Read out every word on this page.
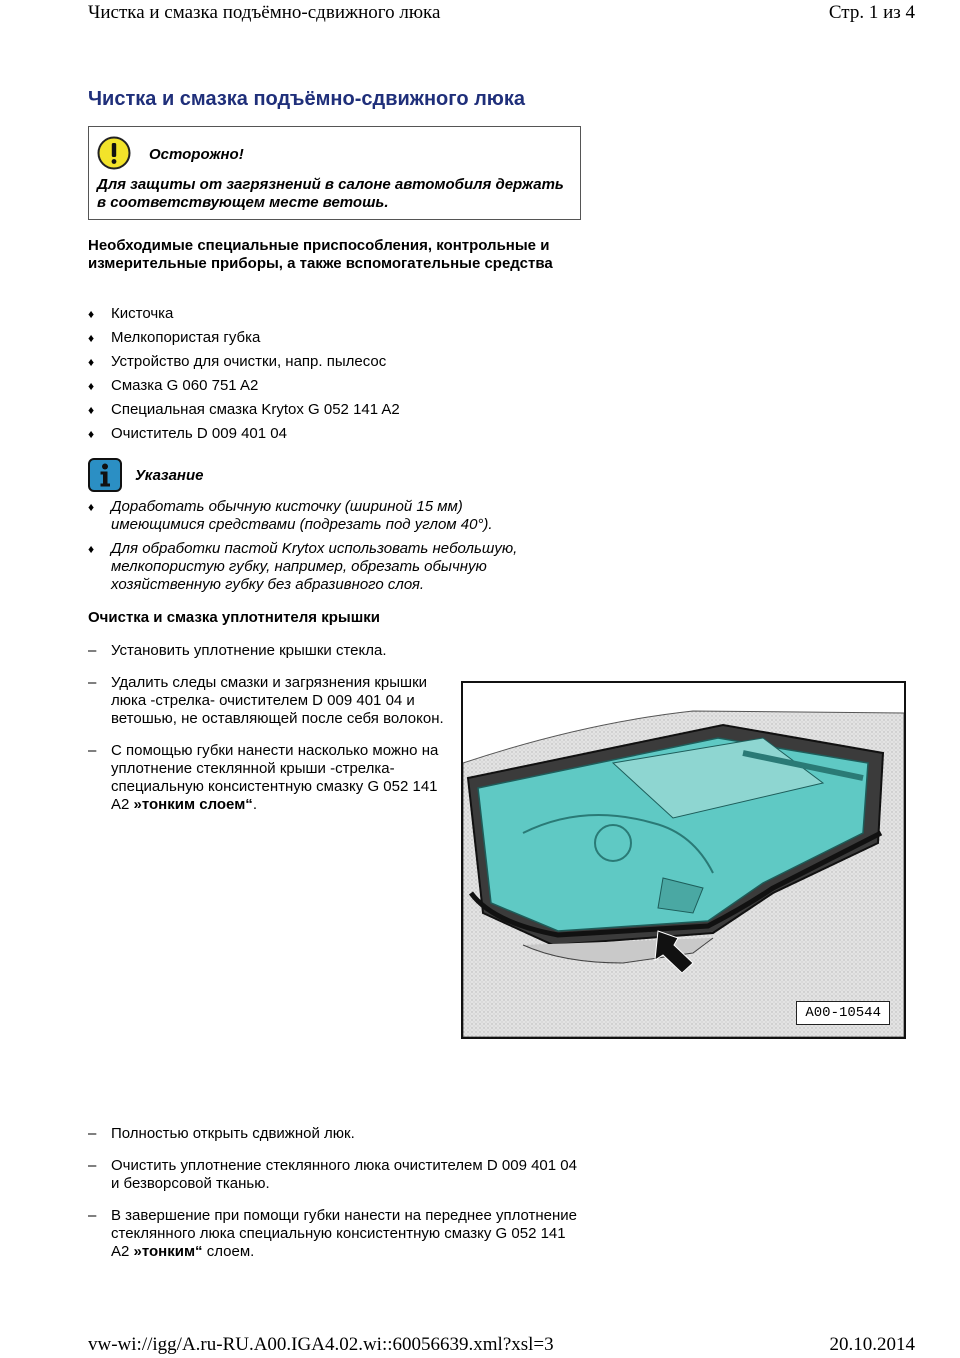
Чистка и смазка подъёмно-сдвижного люка	Стр. 1 из 4
Чистка и смазка подъёмно-сдвижного люка
Осторожно!
Для защиты от загрязнений в салоне автомобиля держать в соответствующем месте ветошь.
Необходимые специальные приспособления, контрольные и измерительные приборы, а также вспомогательные средства
♦ Кисточка
♦ Мелкопористая губка
♦ Устройство для очистки, напр. пылесос
♦ Смазка G 060 751 A2
♦ Специальная смазка Krytox G 052 141 A2
♦ Очиститель D 009 401 04
Указание
♦ Доработать обычную кисточку (шириной 15 мм) имеющимися средствами (подрезать под углом 40°).
♦ Для обработки пастой Krytox использовать небольшую, мелкопористую губку, например, обрезать обычную хозяйственную губку без абразивного слоя.
Очистка и смазка уплотнителя крышки
– Установить уплотнение крышки стекла.
– Удалить следы смазки и загрязнения крышки люка -стрелка- очистителем D 009 401 04 и ветошью, не оставляющей после себя волокон.
– С помощью губки нанести насколько можно на уплотнение стеклянной крыши -стрелка- специальную консистентную смазку G 052 141 A2 »тонким слоем“.
A00-10544
– Полностью открыть сдвижной люк.
– Очистить уплотнение стеклянного люка очистителем D 009 401 04 и безворсовой тканью.
– В завершение при помощи губки нанести на переднее уплотнение стеклянного люка специальную консистентную смазку G 052 141 A2 »тонким“ слоем.
vw-wi://igg/A.ru-RU.A00.IGA4.02.wi::60056639.xml?xsl=3	20.10.2014
